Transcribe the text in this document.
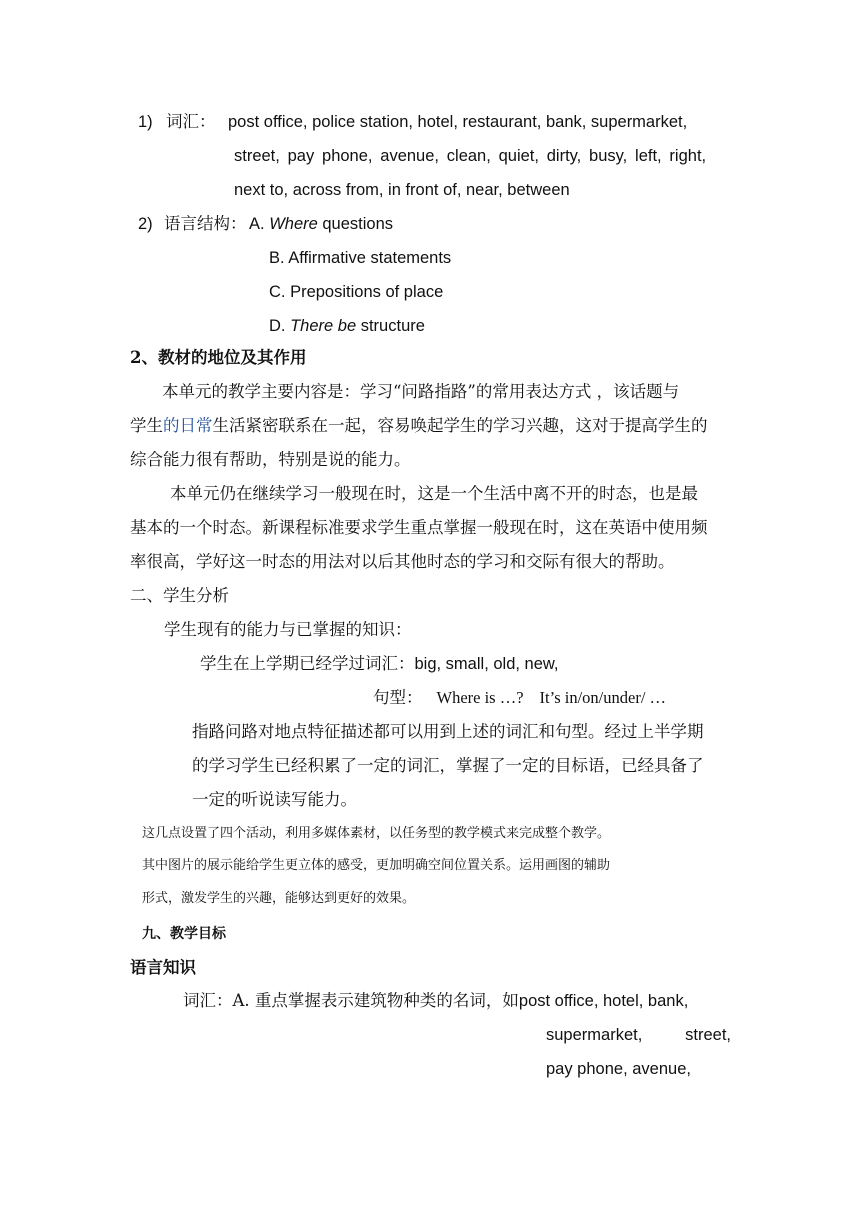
1) 词汇： post office, police station, hotel, restaurant, bank, supermarket,
street, pay phone, avenue, clean, quiet, dirty, busy, left, right,
next to, across from, in front of, near, between
2) 语言结构： A. Where questions
B. Affirmative statements
C. Prepositions of place
D. There be structure
2、教材的地位及其作用
本单元的教学主要内容是：学习“问路指路”的常用表达方式 ，该话题与
学生的日常生活紧密联系在一起，容易唤起学生的学习兴趣，这对于提高学生的
综合能力很有帮助，特别是说的能力。
本单元仍在继续学习一般现在时，这是一个生活中离不开的时态，也是最
基本的一个时态。新课程标准要求学生重点掌握一般现在时，这在英语中使用频
率很高，学好这一时态的用法对以后其他时态的学习和交际有很大的帮助。
二、学生分析
学生现有的能力与已掌握的知识：
学生在上学期已经学过词汇：big, small, old, new,
句型： Where is …? It’s in/on/under/ …
指路问路对地点特征描述都可以用到上述的词汇和句型。经过上半学期
的学习学生已经积累了一定的词汇，掌握了一定的目标语，已经具备了
一定的听说读写能力。
这几点设置了四个活动，利用多媒体素材，以任务型的教学模式来完成整个教学。
其中图片的展示能给学生更立体的感受，更加明确空间位置关系。运用画图的辅助
形式，激发学生的兴趣，能够达到更好的效果。
九、教学目标
语言知识
词汇：A. 重点掌握表示建筑物种类的名词，如post office, hotel, bank,
supermarket,	street,
pay phone, avenue,
